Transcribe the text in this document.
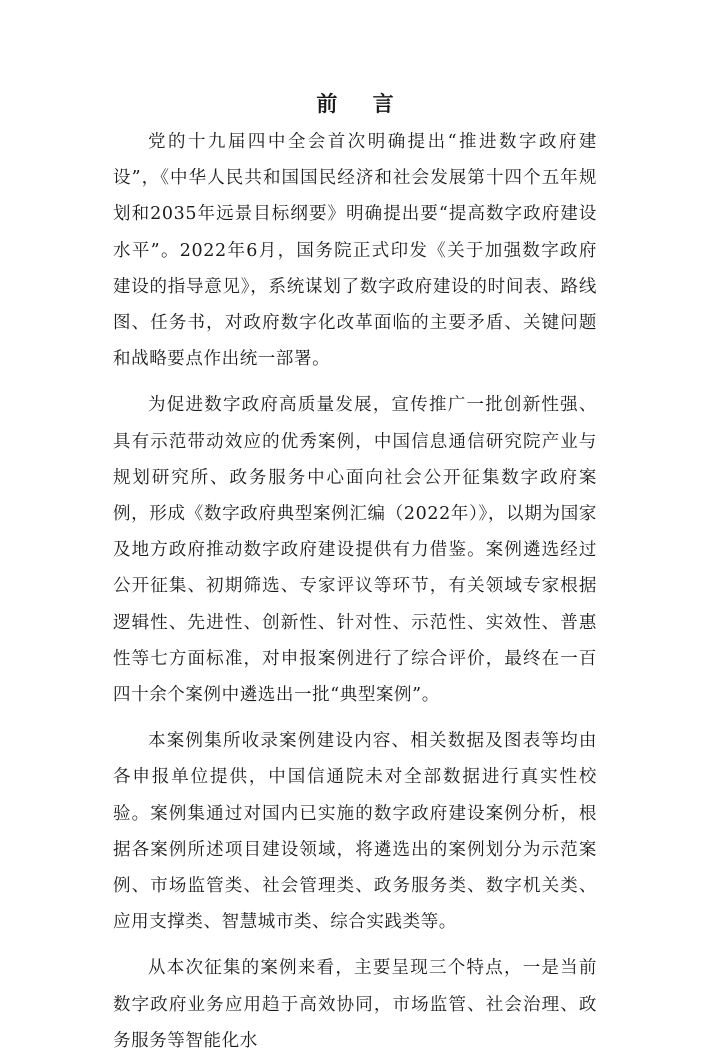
前 言

党的十九届四中全会首次明确提出“推进数字政府建设”，《中华人民共和国国民经济和社会发展第十四个五年规划和2035年远景目标纲要》明确提出要“提高数字政府建设水平”。2022年6月，国务院正式印发《关于加强数字政府建设的指导意见》，系统谋划了数字政府建设的时间表、路线图、任务书，对政府数字化改革面临的主要矛盾、关键问题和战略要点作出统一部署。

为促进数字政府高质量发展，宣传推广一批创新性强、具有示范带动效应的优秀案例，中国信息通信研究院产业与规划研究所、政务服务中心面向社会公开征集数字政府案例，形成《数字政府典型案例汇编（2022年）》，以期为国家及地方政府推动数字政府建设提供有力借鉴。案例遴选经过公开征集、初期筛选、专家评议等环节，有关领域专家根据逻辑性、先进性、创新性、针对性、示范性、实效性、普惠性等七方面标准，对申报案例进行了综合评价，最终在一百四十余个案例中遴选出一批“典型案例”。

本案例集所收录案例建设内容、相关数据及图表等均由各申报单位提供，中国信通院未对全部数据进行真实性校验。案例集通过对国内已实施的数字政府建设案例分析，根据各案例所述项目建设领域，将遴选出的案例划分为示范案例、市场监管类、社会管理类、政务服务类、数字机关类、应用支撑类、智慧城市类、综合实践类等。

从本次征集的案例来看，主要呈现三个特点，一是当前数字政府业务应用趋于高效协同，市场监管、社会治理、政务服务等智能化水
